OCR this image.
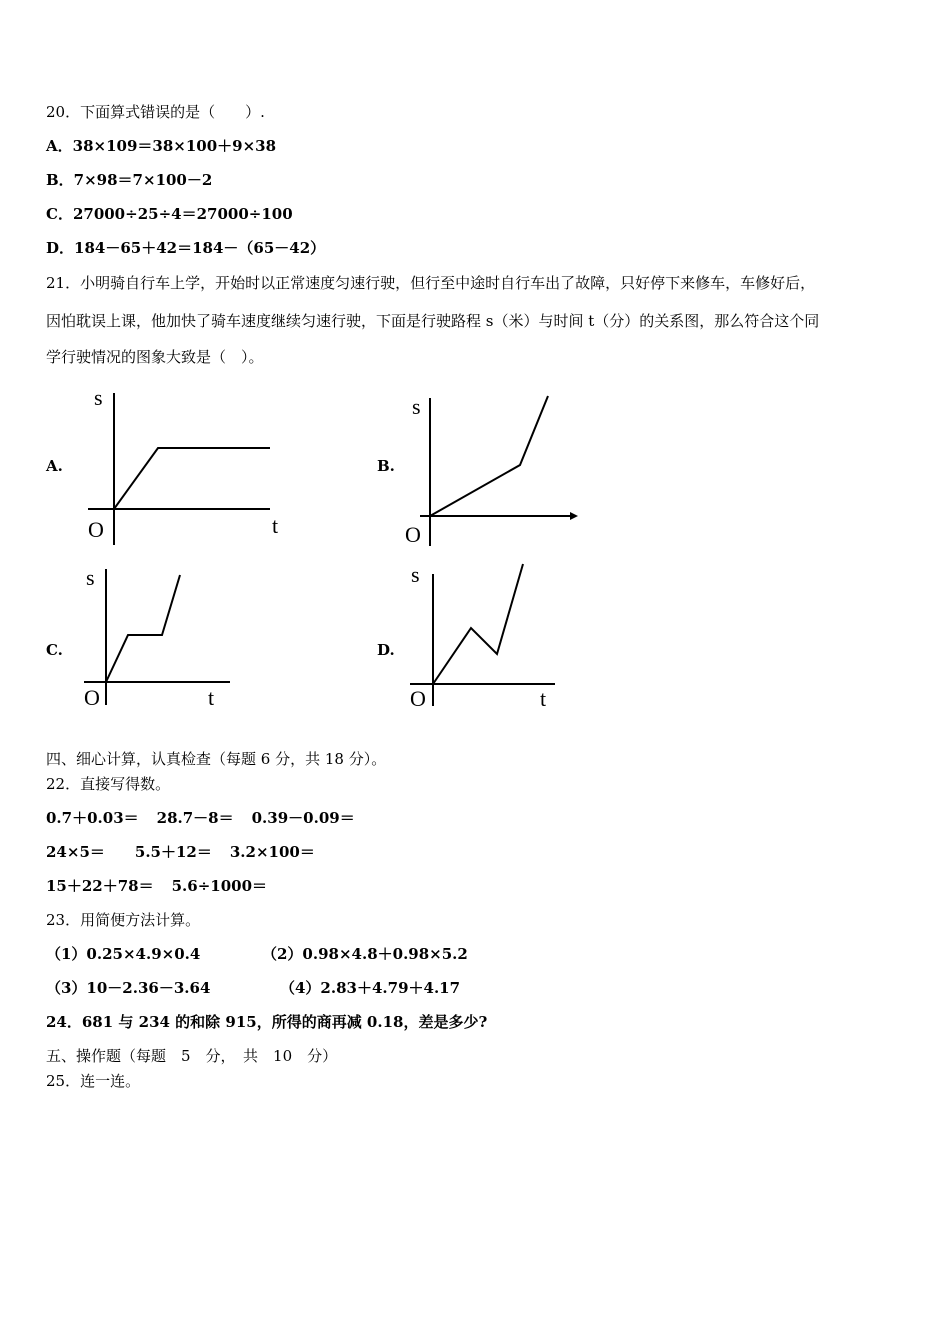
20．下面算式错误的是（　　）.
A．38×109＝38×100＋9×38
B．7×98＝7×100－2
C．27000÷25÷4＝27000÷100
D．184－65＋42＝184－（65－42）
21．小明骑自行车上学，开始时以正常速度匀速行驶，但行至中途时自行车出了故障，只好停下来修车，车修好后，
因怕耽误上课，他加快了骑车速度继续匀速行驶，下面是行驶路程 s（米）与时间 t（分）的关系图，那么符合这个同
学行驶情况的图象大致是（　）。
A.
s
O	t
B.
s
O
C.
s
O	t
D.
s
O	t
四、细心计算，认真检查（每题 6 分，共 18 分）。
22．直接写得数。
0.7＋0.03＝ 28.7－8＝ 0.39－0.09＝
24×5＝ 5.5＋12＝ 3.2×100＝
15＋22＋78＝ 5.6÷1000＝
23．用简便方法计算。
（1）0.25×4.9×0.4	（2）0.98×4.8＋0.98×5.2
（3）10－2.36－3.64	（4）2.83＋4.79＋4.17
24．681 与 234 的和除 915，所得的商再减 0.18，差是多少?
五、操作题（每题　5　分，　共　10　分）
25．连一连。
